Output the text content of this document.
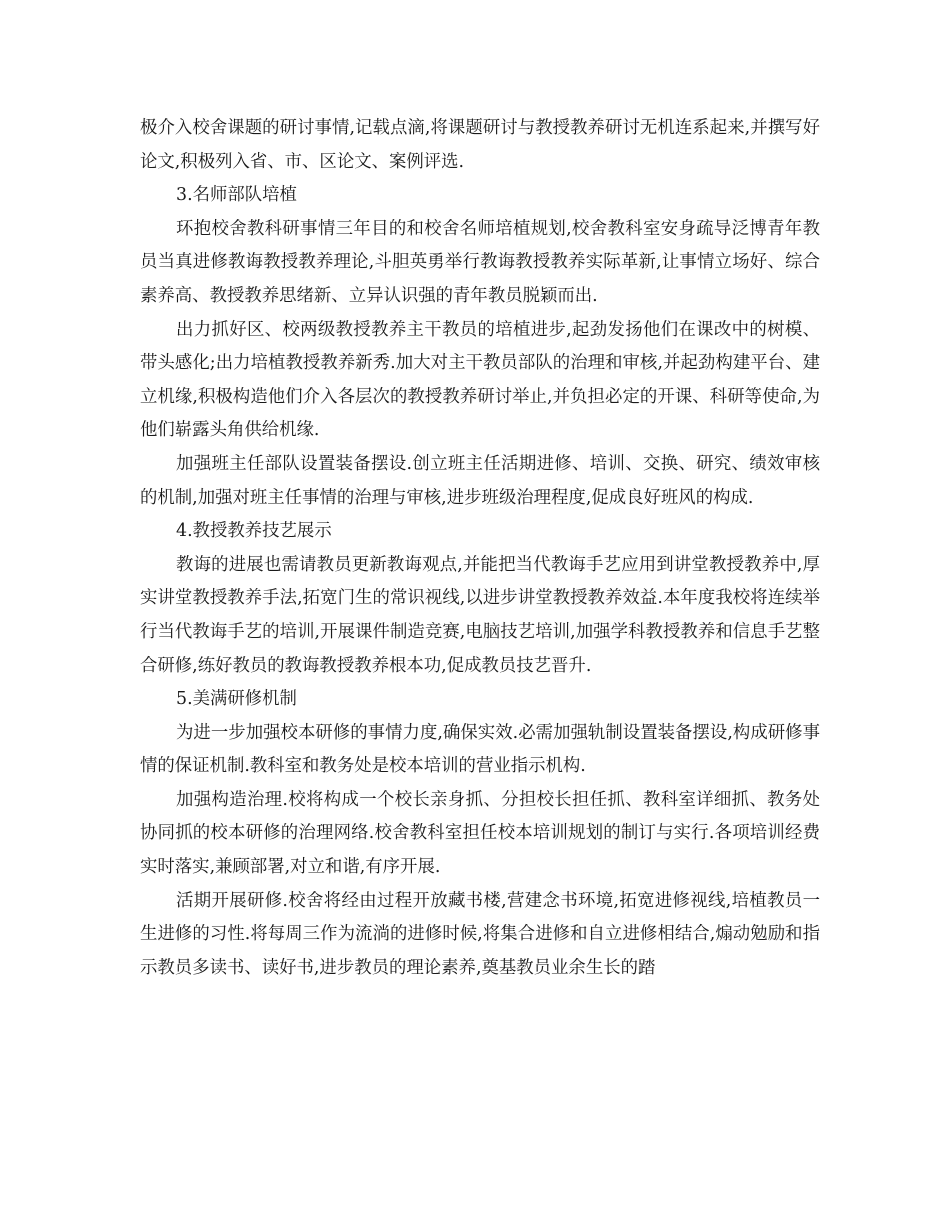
极介入校舍课题的研讨事情,记载点滴,将课题研讨与教授教养研讨无机连系起来,并撰写好论文,积极列入省、市、区论文、案例评选.

3.名师部队培植

环抱校舍教科研事情三年目的和校舍名师培植规划,校舍教科室安身疏导泛博青年教员当真进修教诲教授教养理论,斗胆英勇举行教诲教授教养实际革新,让事情立场好、综合素养高、教授教养思绪新、立异认识强的青年教员脱颖而出.

出力抓好区、校两级教授教养主干教员的培植进步,起劲发扬他们在课改中的树模、带头感化;出力培植教授教养新秀.加大对主干教员部队的治理和审核,并起劲构建平台、建立机缘,积极构造他们介入各层次的教授教养研讨举止,并负担必定的开课、科研等使命,为他们崭露头角供给机缘.

加强班主任部队设置装备摆设.创立班主任活期进修、培训、交换、研究、绩效审核的机制,加强对班主任事情的治理与审核,进步班级治理程度,促成良好班风的构成.

4.教授教养技艺展示

教诲的进展也需请教员更新教诲观点,并能把当代教诲手艺应用到讲堂教授教养中,厚实讲堂教授教养手法,拓宽门生的常识视线,以进步讲堂教授教养效益.本年度我校将连续举行当代教诲手艺的培训,开展课件制造竞赛,电脑技艺培训,加强学科教授教养和信息手艺整合研修,练好教员的教诲教授教养根本功,促成教员技艺晋升.

5.美满研修机制

为进一步加强校本研修的事情力度,确保实效.必需加强轨制设置装备摆设,构成研修事情的保证机制.教科室和教务处是校本培训的营业指示机构.

加强构造治理.校将构成一个校长亲身抓、分担校长担任抓、教科室详细抓、教务处协同抓的校本研修的治理网络.校舍教科室担任校本培训规划的制订与实行.各项培训经费实时落实,兼顾部署,对立和谐,有序开展.

活期开展研修.校舍将经由过程开放藏书楼,营建念书环境,拓宽进修视线,培植教员一生进修的习性.将每周三作为流淌的进修时候,将集合进修和自立进修相结合,煽动勉励和指示教员多读书、读好书,进步教员的理论素养,奠基教员业余生长的踏
